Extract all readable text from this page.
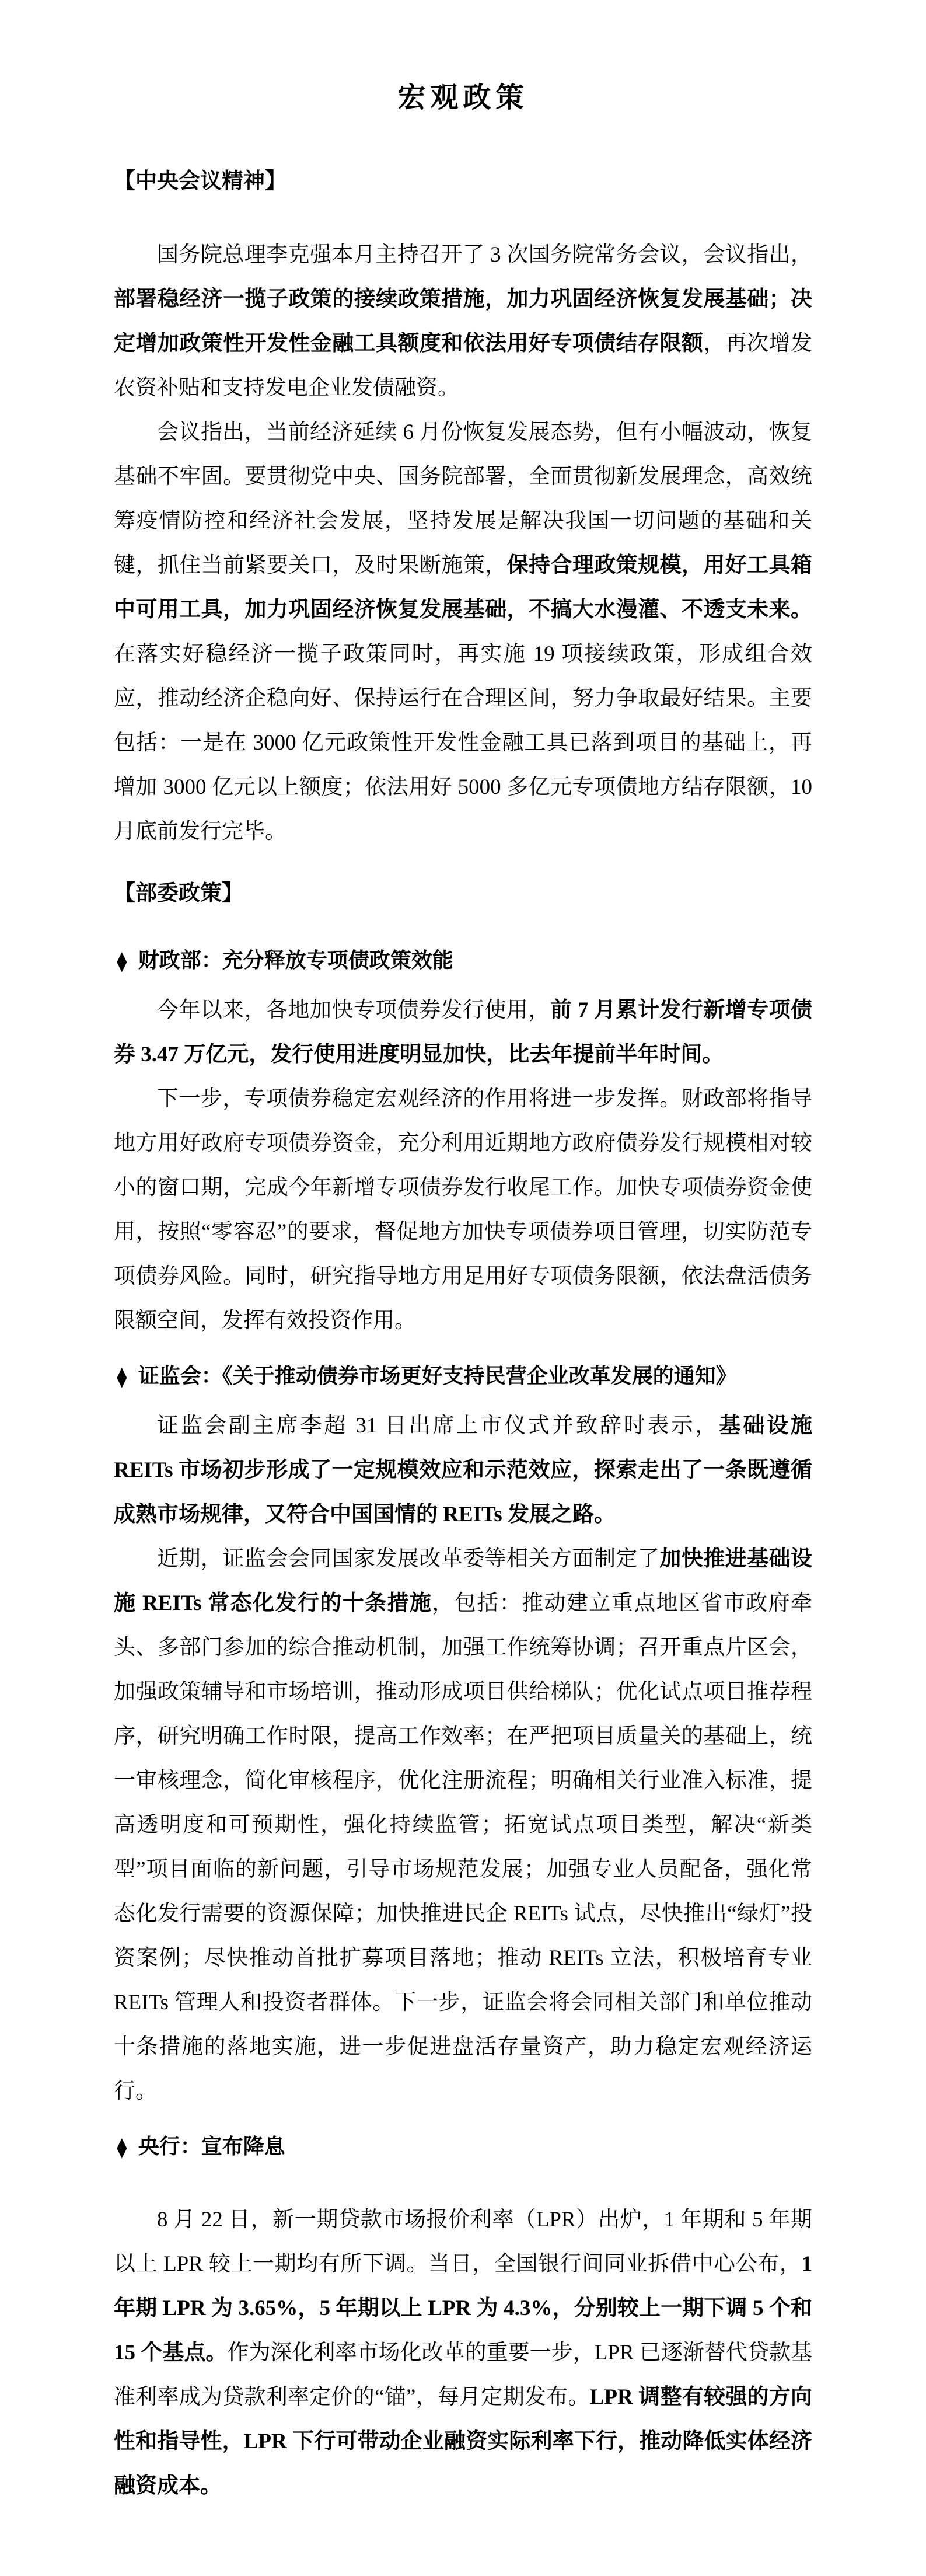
宏观政策
【中央会议精神】

国务院总理李克强本月主持召开了 3 次国务院常务会议，会议指出，部署稳经济一揽子政策的接续政策措施，加力巩固经济恢复发展基础；决定增加政策性开发性金融工具额度和依法用好专项债结存限额，再次增发农资补贴和支持发电企业发债融资。

会议指出，当前经济延续 6 月份恢复发展态势，但有小幅波动，恢复基础不牢固。要贯彻党中央、国务院部署，全面贯彻新发展理念，高效统筹疫情防控和经济社会发展，坚持发展是解决我国一切问题的基础和关键，抓住当前紧要关口，及时果断施策，保持合理政策规模，用好工具箱中可用工具，加力巩固经济恢复发展基础，不搞大水漫灌、不透支未来。在落实好稳经济一揽子政策同时，再实施 19 项接续政策，形成组合效应，推动经济企稳向好、保持运行在合理区间，努力争取最好结果。主要包括：一是在 3000 亿元政策性开发性金融工具已落到项目的基础上，再增加 3000 亿元以上额度；依法用好 5000 多亿元专项债地方结存限额，10 月底前发行完毕。

【部委政策】
◆ 财政部：充分释放专项债政策效能

今年以来，各地加快专项债券发行使用，前 7 月累计发行新增专项债券 3.47 万亿元，发行使用进度明显加快，比去年提前半年时间。

下一步，专项债券稳定宏观经济的作用将进一步发挥。财政部将指导地方用好政府专项债券资金，充分利用近期地方政府债券发行规模相对较小的窗口期，完成今年新增专项债券发行收尾工作。加快专项债券资金使用，按照“零容忍”的要求，督促地方加快专项债券项目管理，切实防范专项债券风险。同时，研究指导地方用足用好专项债务限额，依法盘活债务限额空间，发挥有效投资作用。

◆ 证监会：《关于推动债券市场更好支持民营企业改革发展的通知》

证监会副主席李超 31 日出席上市仪式并致辞时表示，基础设施 REITs 市场初步形成了一定规模效应和示范效应，探索走出了一条既遵循成熟市场规律，又符合中国国情的 REITs 发展之路。

近期，证监会会同国家发展改革委等相关方面制定了加快推进基础设施 REITs 常态化发行的十条措施，包括：推动建立重点地区省市政府牵头、多部门参加的综合推动机制，加强工作统筹协调；召开重点片区会，加强政策辅导和市场培训，推动形成项目供给梯队；优化试点项目推荐程序，研究明确工作时限，提高工作效率；在严把项目质量关的基础上，统一审核理念，简化审核程序，优化注册流程；明确相关行业准入标准，提高透明度和可预期性，强化持续监管；拓宽试点项目类型，解决“新类型”项目面临的新问题，引导市场规范发展；加强专业人员配备，强化常态化发行需要的资源保障；加快推进民企 REITs 试点，尽快推出“绿灯”投资案例；尽快推动首批扩募项目落地；推动 REITs 立法，积极培育专业 REITs 管理人和投资者群体。下一步，证监会将会同相关部门和单位推动十条措施的落地实施，进一步促进盘活存量资产，助力稳定宏观经济运行。

◆ 央行：宣布降息

8 月 22 日，新一期贷款市场报价利率（LPR）出炉，1 年期和 5 年期以上 LPR 较上一期均有所下调。当日，全国银行间同业拆借中心公布，1 年期 LPR 为 3.65%，5 年期以上 LPR 为 4.3%，分别较上一期下调 5 个和 15 个基点。作为深化利率市场化改革的重要一步，LPR 已逐渐替代贷款基准利率成为贷款利率定价的“锚”，每月定期发布。LPR 调整有较强的方向性和指导性，LPR 下行可带动企业融资实际利率下行，推动降低实体经济融资成本。
